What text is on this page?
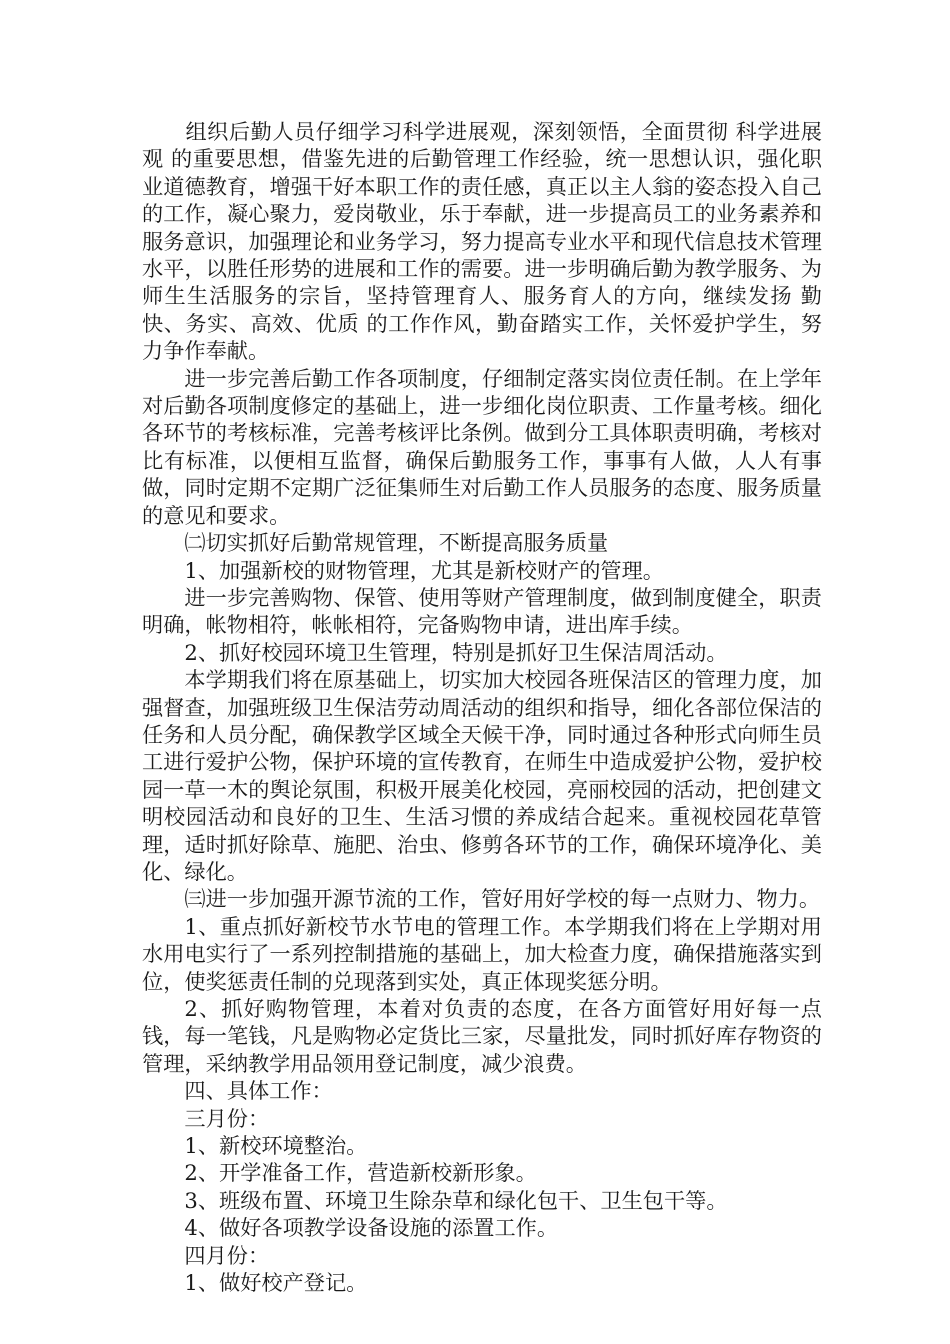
组织后勤人员仔细学习科学进展观，深刻领悟，全面贯彻 科学进展观 的重要思想，借鉴先进的后勤管理工作经验，统一思想认识，强化职业道德教育，增强干好本职工作的责任感，真正以主人翁的姿态投入自己的工作，凝心聚力，爱岗敬业，乐于奉献，进一步提高员工的业务素养和服务意识，加强理论和业务学习，努力提高专业水平和现代信息技术管理水平，以胜任形势的进展和工作的需要。进一步明确后勤为教学服务、为师生生活服务的宗旨，坚持管理育人、服务育人的方向，继续发扬 勤快、务实、高效、优质 的工作作风，勤奋踏实工作，关怀爱护学生，努力争作奉献。

进一步完善后勤工作各项制度，仔细制定落实岗位责任制。在上学年对后勤各项制度修定的基础上，进一步细化岗位职责、工作量考核。细化各环节的考核标准，完善考核评比条例。做到分工具体职责明确，考核对比有标准，以便相互监督，确保后勤服务工作，事事有人做，人人有事做，同时定期不定期广泛征集师生对后勤工作人员服务的态度、服务质量的意见和要求。

㈡切实抓好后勤常规管理，不断提高服务质量

1、加强新校的财物管理，尤其是新校财产的管理。

进一步完善购物、保管、使用等财产管理制度，做到制度健全，职责明确，帐物相符，帐帐相符，完备购物申请，进出库手续。

2、抓好校园环境卫生管理，特别是抓好卫生保洁周活动。

本学期我们将在原基础上，切实加大校园各班保洁区的管理力度，加强督查，加强班级卫生保洁劳动周活动的组织和指导，细化各部位保洁的任务和人员分配，确保教学区域全天候干净，同时通过各种形式向师生员工进行爱护公物，保护环境的宣传教育，在师生中造成爱护公物，爱护校园一草一木的舆论氛围，积极开展美化校园，亮丽校园的活动，把创建文明校园活动和良好的卫生、生活习惯的养成结合起来。重视校园花草管理，适时抓好除草、施肥、治虫、修剪各环节的工作，确保环境净化、美化、绿化。

㈢进一步加强开源节流的工作，管好用好学校的每一点财力、物力。

1、重点抓好新校节水节电的管理工作。本学期我们将在上学期对用水用电实行了一系列控制措施的基础上，加大检查力度，确保措施落实到位，使奖惩责任制的兑现落到实处，真正体现奖惩分明。

2、抓好购物管理，本着对负责的态度，在各方面管好用好每一点钱，每一笔钱，凡是购物必定货比三家，尽量批发，同时抓好库存物资的管理，采纳教学用品领用登记制度，减少浪费。

四、具体工作：

三月份：

1、新校环境整治。

2、开学准备工作，营造新校新形象。

3、班级布置、环境卫生除杂草和绿化包干、卫生包干等。

4、做好各项教学设备设施的添置工作。

四月份：

1、做好校产登记。
